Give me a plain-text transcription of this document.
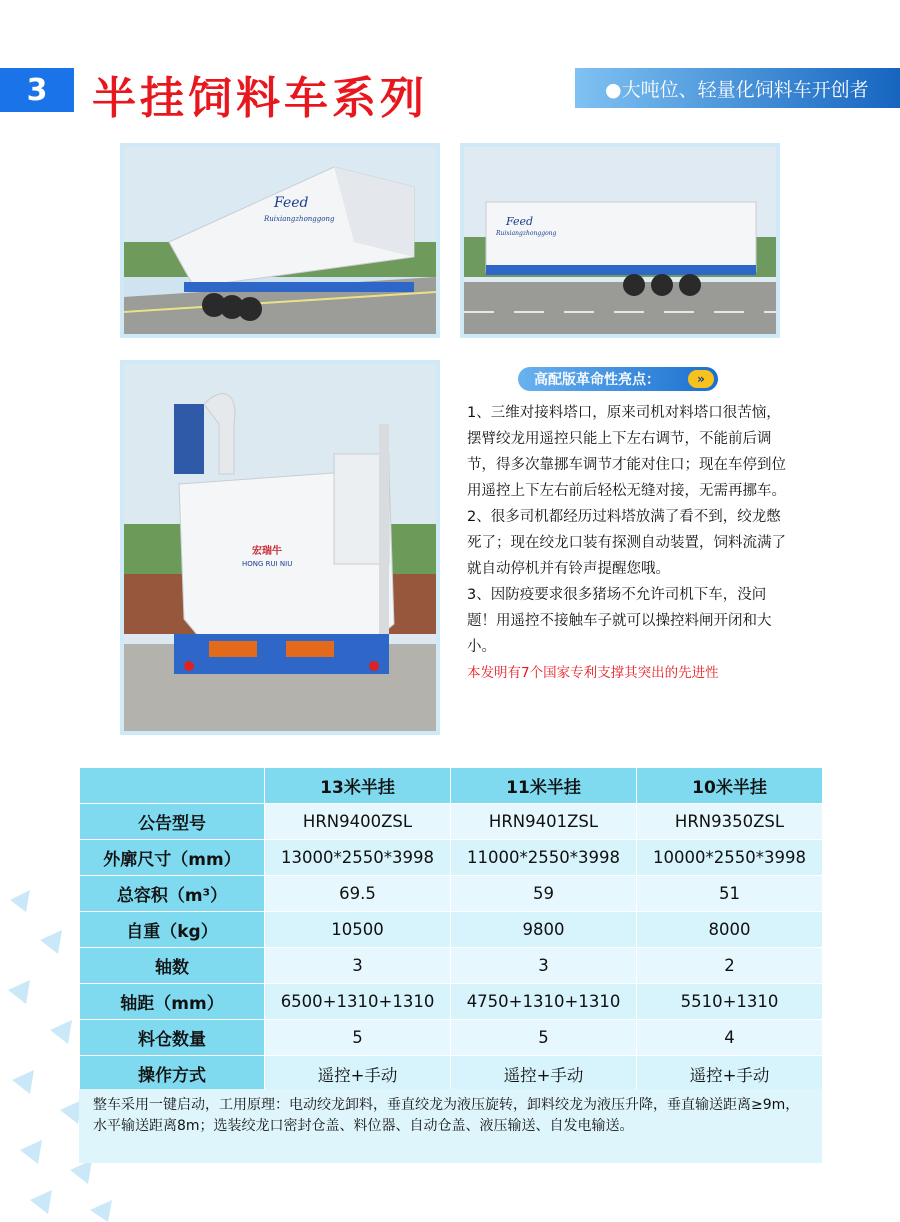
3	半挂饲料车系列	●大吨位、轻量化饲料车开创者
Feed
Ruixiangzhonggong	Feed
Ruixiangzhonggong
宏瑞牛
HONG RUI NIU
高配版革命性亮点：	»

1、三维对接料塔口，原来司机对料塔口很苦恼，摆臂绞龙用遥控只能上下左右调节，不能前后调节，得多次靠挪车调节才能对住口；现在车停到位用遥控上下左右前后轻松无缝对接，无需再挪车。

2、很多司机都经历过料塔放满了看不到，绞龙憋死了；现在绞龙口装有探测自动装置，饲料流满了就自动停机并有铃声提醒您哦。

3、因防疫要求很多猪场不允许司机下车，没问题！用遥控不接触车子就可以操控料闸开闭和大小。

本发明有7个国家专利支撑其突出的先进性

	13米半挂	11米半挂	10米半挂
公告型号	HRN9400ZSL	HRN9401ZSL	HRN9350ZSL
外廓尺寸（mm）	13000*2550*3998	11000*2550*3998	10000*2550*3998
总容积（m³）	69.5	59	51
自重（kg）	10500	9800	8000
轴数	3	3	2
轴距（mm）	6500+1310+1310	4750+1310+1310	5510+1310
料仓数量	5	5	4
操作方式	遥控+手动	遥控+手动	遥控+手动
整车采用一键启动，工用原理：电动绞龙卸料，垂直绞龙为液压旋转，卸料绞龙为液压升降，垂直输送距离≥9m，水平输送距离8m；选装绞龙口密封仓盖、料位器、自动仓盖、液压输送、自发电输送。
